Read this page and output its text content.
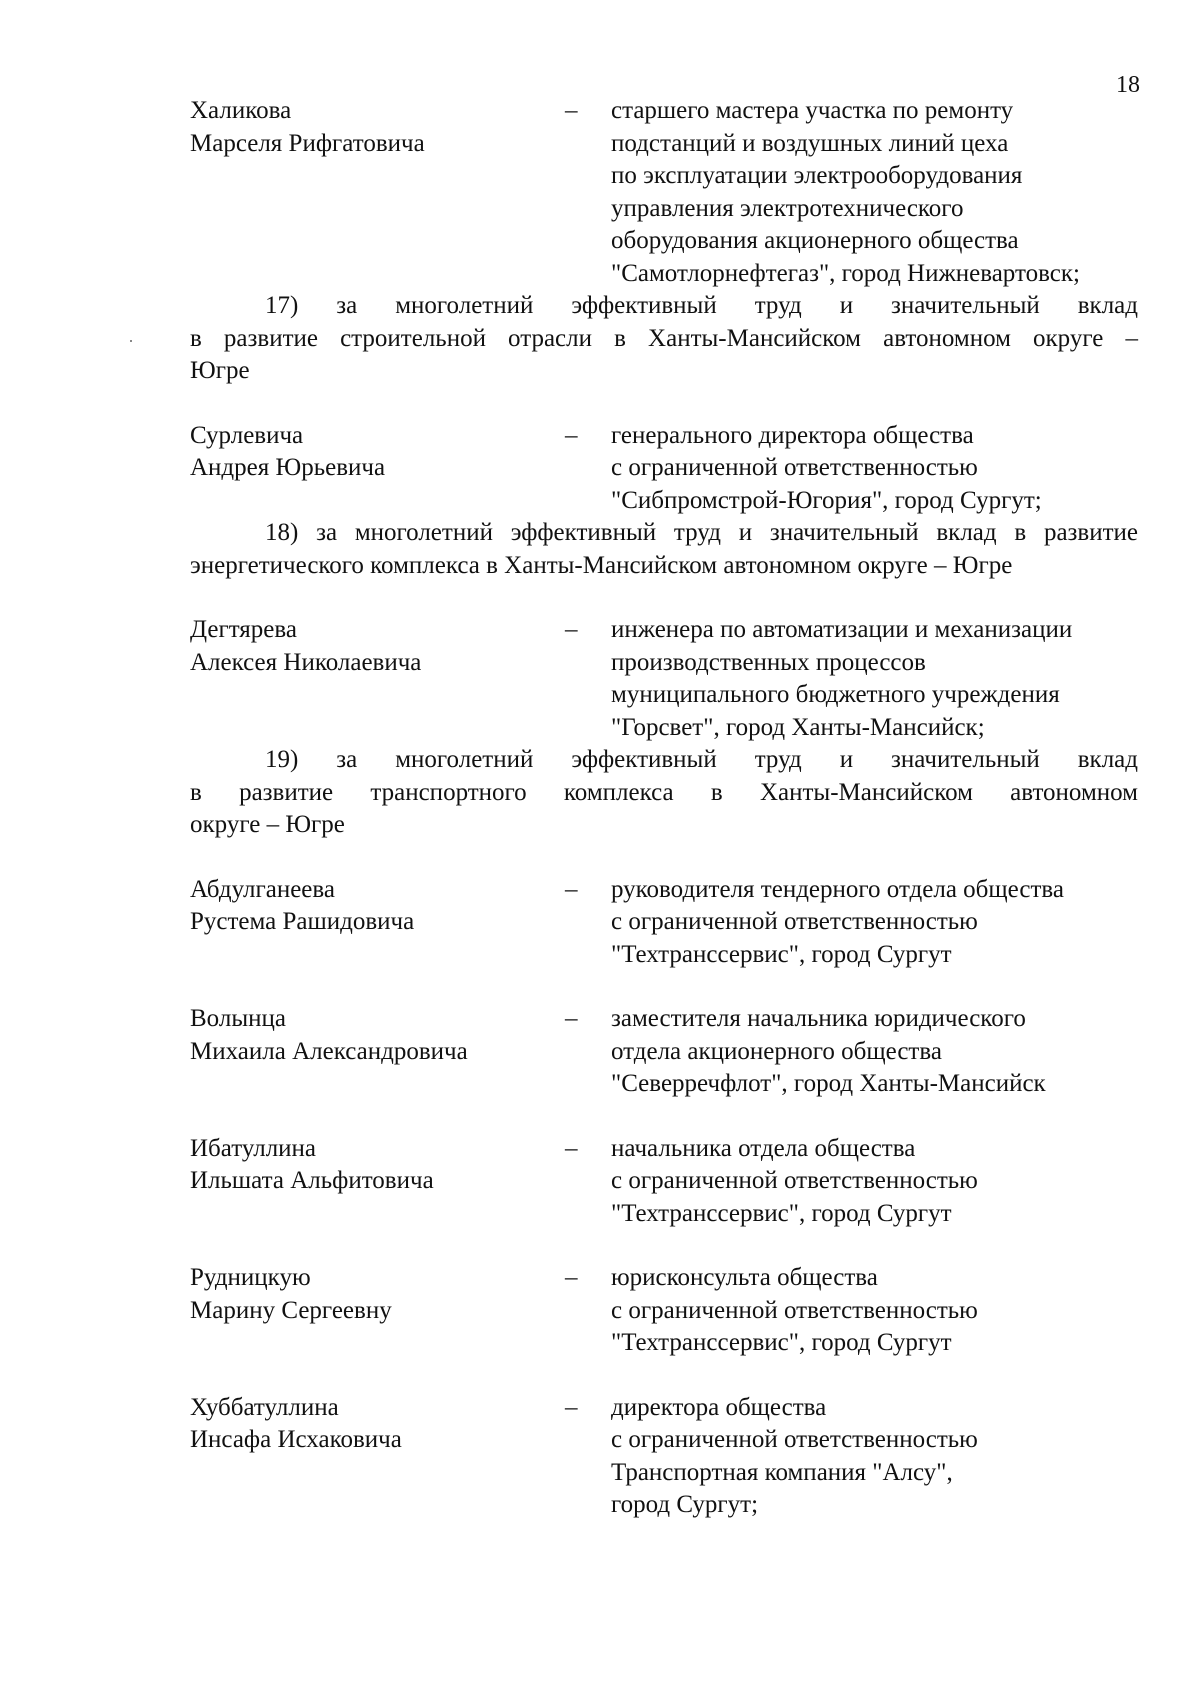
18
Халикова
Марселя Рифгатовича
–	старшего мастера участка по ремонту
подстанций и воздушных линий цеха
по эксплуатации электрооборудования
управления электротехнического
оборудования акционерного общества
"Самотлорнефтегаз", город Нижневартовск;
17) за многолетний эффективный труд и значительный вклад
в развитие строительной отрасли в Ханты-Мансийском автономном округе –
Югре
Сурлевича
Андрея Юрьевича
–	генерального директора общества
с ограниченной ответственностью
"Сибпромстрой-Югория", город Сургут;
18) за многолетний эффективный труд и значительный вклад в развитие
энергетического комплекса в Ханты-Мансийском автономном округе – Югре
Дегтярева
Алексея Николаевича
–	инженера по автоматизации и механизации
производственных процессов
муниципального бюджетного учреждения
"Горсвет", город Ханты-Мансийск;
19) за многолетний эффективный труд и значительный вклад
в развитие транспортного комплекса в Ханты-Мансийском автономном
округе – Югре
Абдулганеева
Рустема Рашидовича
–	руководителя тендерного отдела общества
с ограниченной ответственностью
"Техтранссервис", город Сургут
Волынца
Михаила Александровича
–	заместителя начальника юридического
отдела акционерного общества
"Северречфлот", город Ханты-Мансийск
Ибатуллина
Ильшата Альфитовича
–	начальника отдела общества
с ограниченной ответственностью
"Техтранссервис", город Сургут
Рудницкую
Марину Сергеевну
–	юрисконсульта общества
с ограниченной ответственностью
"Техтранссервис", город Сургут
Хуббатуллина
Инсафа Исхаковича
–	директора общества
с ограниченной ответственностью
Транспортная компания "Алсу",
город Сургут;
